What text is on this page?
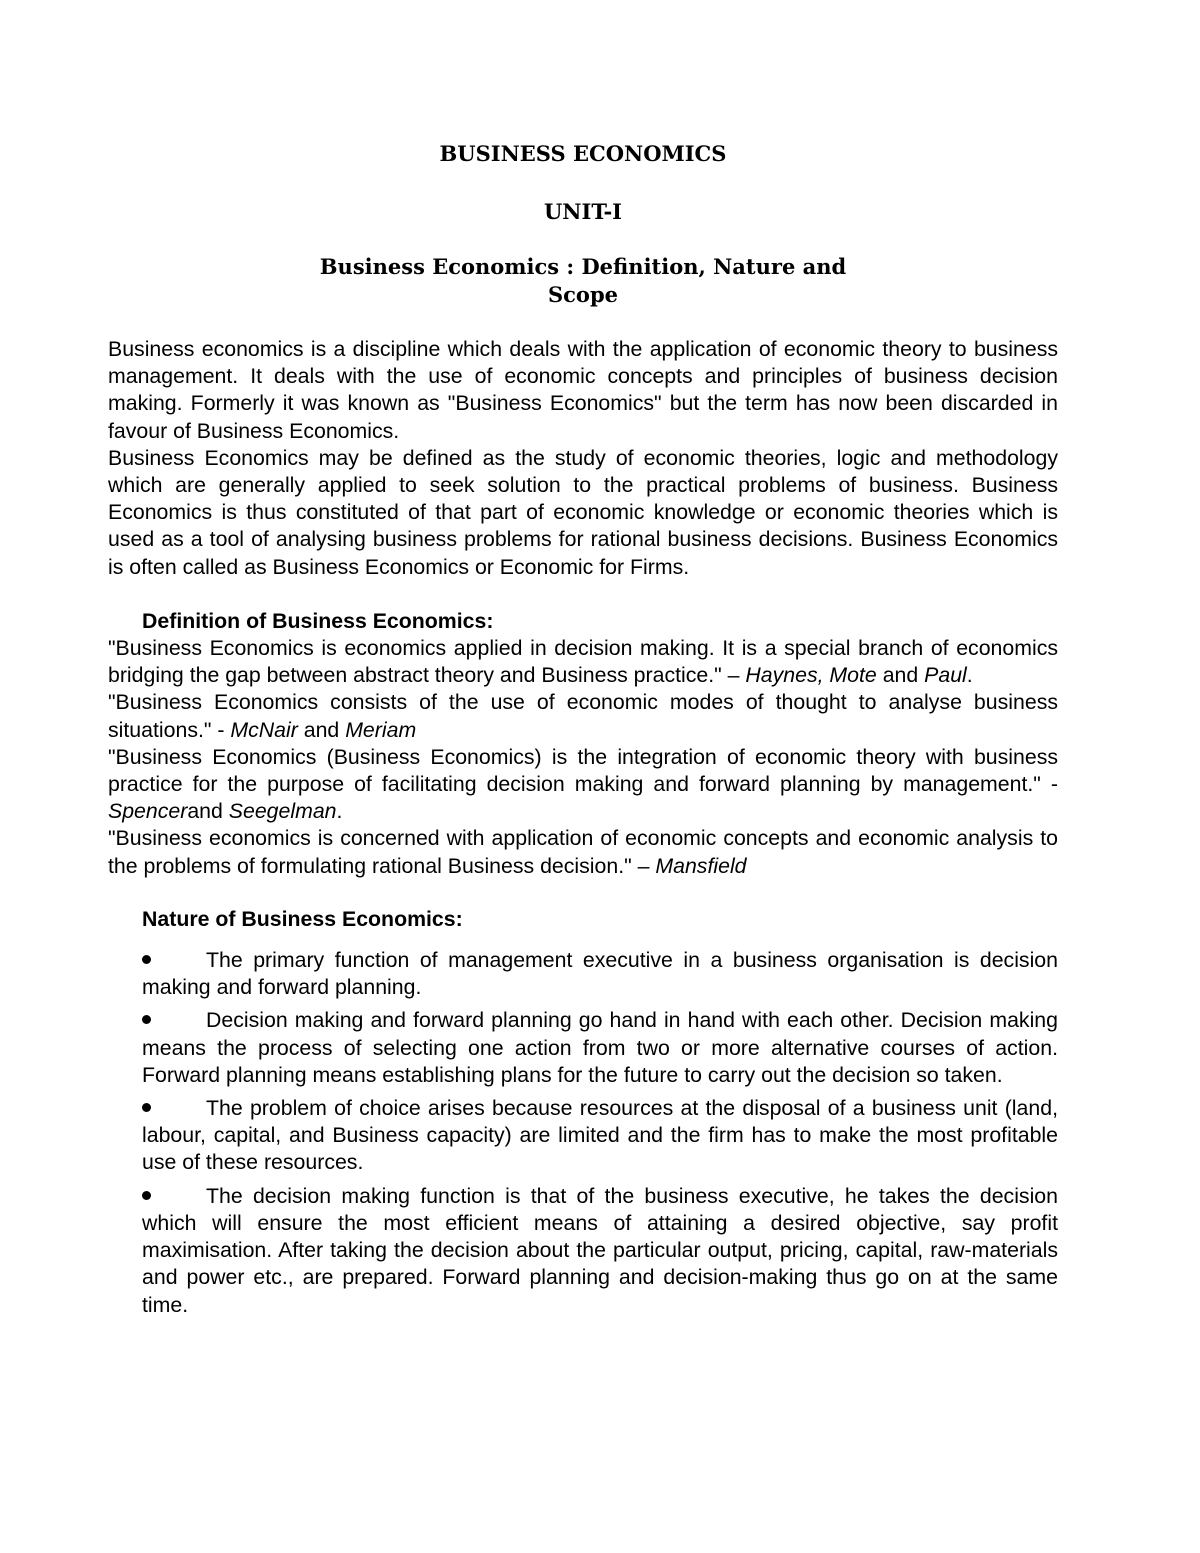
BUSINESS ECONOMICS

UNIT-I

Business Economics : Definition, Nature and
Scope

Business economics is a discipline which deals with the application of economic theory to business management. It deals with the use of economic concepts and principles of business decision making. Formerly it was known as "Business Economics" but the term has now been discarded in favour of Business Economics.

Business Economics may be defined as the study of economic theories, logic and methodology which are generally applied to seek solution to the practical problems of business. Business Economics is thus constituted of that part of economic knowledge or economic theories which is used as a tool of analysing business problems for rational business decisions. Business Economics is often called as Business Economics or Economic for Firms.

Definition of Business Economics:

"Business Economics is economics applied in decision making. It is a special branch of economics bridging the gap between abstract theory and Business practice." – Haynes, Mote and Paul.

"Business Economics consists of the use of economic modes of thought to analyse business situations." - McNair and Meriam

"Business Economics (Business Economics) is the integration of economic theory with business practice for the purpose of facilitating decision making and forward planning by management." - Spencerand Seegelman.

"Business economics is concerned with application of economic concepts and economic analysis to the problems of formulating rational Business decision." – Mansfield

Nature of Business Economics:

The primary function of management executive in a business organisation is decision making and forward planning.
Decision making and forward planning go hand in hand with each other. Decision making means the process of selecting one action from two or more alternative courses of action. Forward planning means establishing plans for the future to carry out the decision so taken.
The problem of choice arises because resources at the disposal of a business unit (land, labour, capital, and Business capacity) are limited and the firm has to make the most profitable use of these resources.
The decision making function is that of the business executive, he takes the decision which will ensure the most efficient means of attaining a desired objective, say profit maximisation. After taking the decision about the particular output, pricing, capital, raw-materials and power etc., are prepared. Forward planning and decision-making thus go on at the same time.
